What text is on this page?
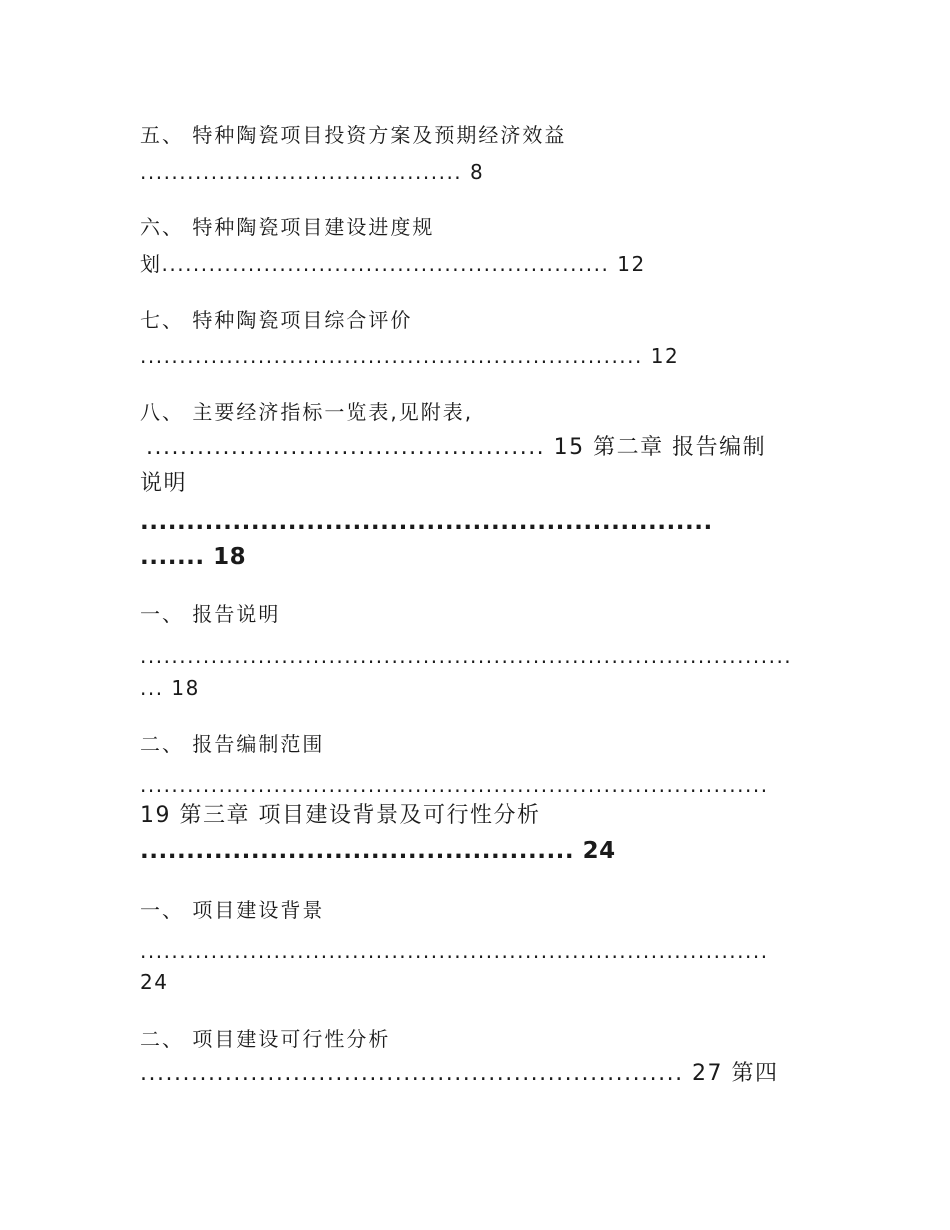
五、 特种陶瓷项目投资方案及预期经济效益
......................................... 8
六、 特种陶瓷项目建设进度规
划......................................................... 12
七、 特种陶瓷项目综合评价
................................................................ 12
八、 主要经济指标一览表,见附表,
............................................... 15 第二章 报告编制
说明
..............................................................
....... 18
一、 报告说明
...................................................................................
... 18
二、 报告编制范围
................................................................................
19 第三章 项目建设背景及可行性分析
............................................... 24
一、 项目建设背景
................................................................................
24
二、 项目建设可行性分析
................................................................ 27 第四
